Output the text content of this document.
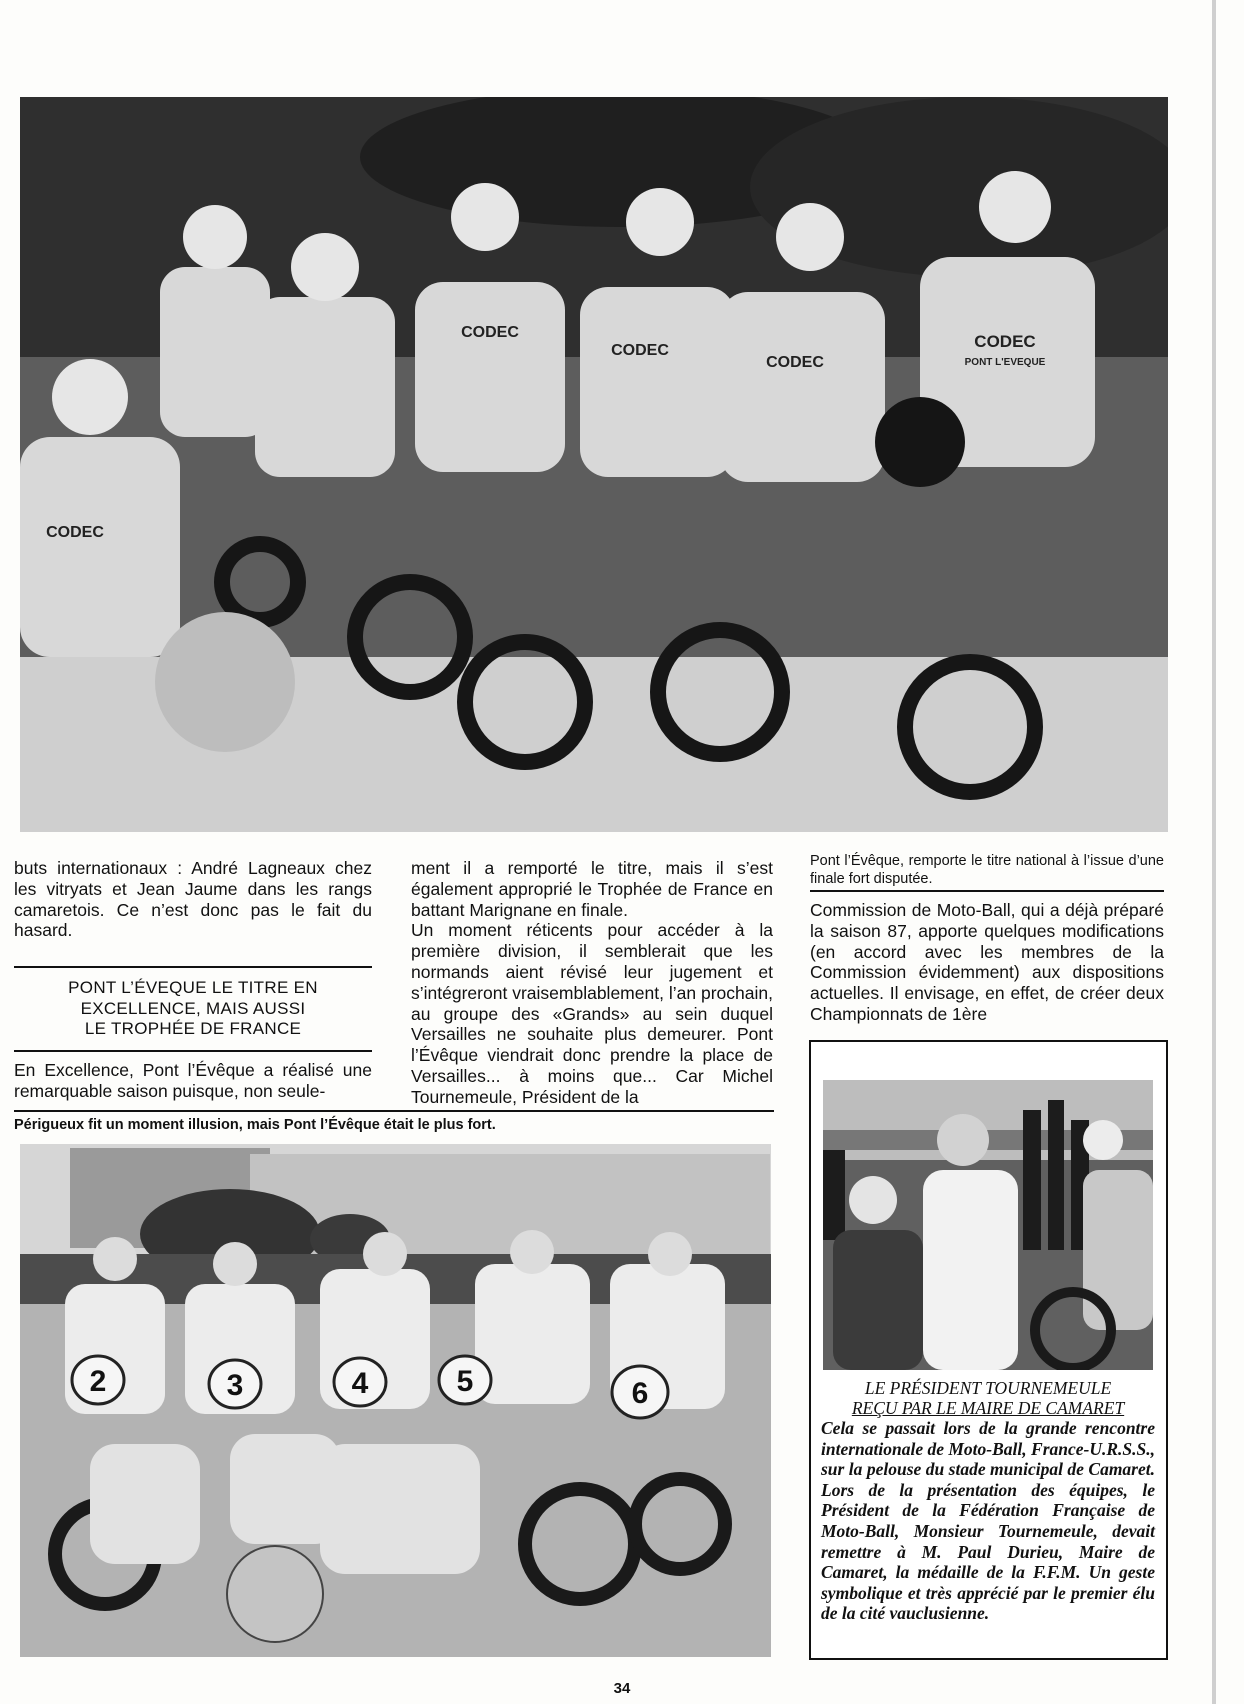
CODEC
CODEC
CODEC
CODEC
CODEC
PONT L'EVEQUE

buts internationaux : André Lagneaux chez les vitryats et Jean Jaume dans les rangs camaretois. Ce n’est donc pas le fait du hasard.

PONT L’ÉVEQUE LE TITRE EN
EXCELLENCE, MAIS AUSSI
LE TROPHÉE DE FRANCE

En Excellence, Pont l’Évêque a réalisé une remarquable saison puisque, non seule-

ment il a remporté le titre, mais il s’est également approprié le Trophée de France en battant Marignane en finale.

Un moment réticents pour accéder à la première division, il semblerait que les normands aient révisé leur jugement et s’intégreront vraisemblablement, l’an prochain, au groupe des «Grands» au sein duquel Versailles ne souhaite plus demeurer. Pont l’Évêque viendrait donc prendre la place de Versailles... à moins que... Car Michel Tournemeule, Président de la

Pont l’Évêque, remporte le titre national à l’issue d’une finale fort disputée.

Commission de Moto-Ball, qui a déjà préparé la saison 87, apporte quelques modifications (en accord avec les membres de la Commission évidemment) aux dispositions actuelles. Il envisage, en effet, de créer deux Championnats de 1ère

Périgueux fit un moment illusion, mais Pont l’Évêque était le plus fort.
2	3	4	5	6	LE PRÉSIDENT TOURNEMEULE

REÇU PAR LE MAIRE DE CAMARET

Cela se passait lors de la grande rencontre internationale de Moto-Ball, France-U.R.S.S., sur la pelouse du stade municipal de Camaret. Lors de la présentation des équipes, le Président de la Fédération Française de Moto-Ball, Monsieur Tournemeule, devait remettre à M. Paul Durieu, Maire de Camaret, la médaille de la F.F.M. Un geste symbolique et très apprécié par le premier élu de la cité vauclusienne.

34
